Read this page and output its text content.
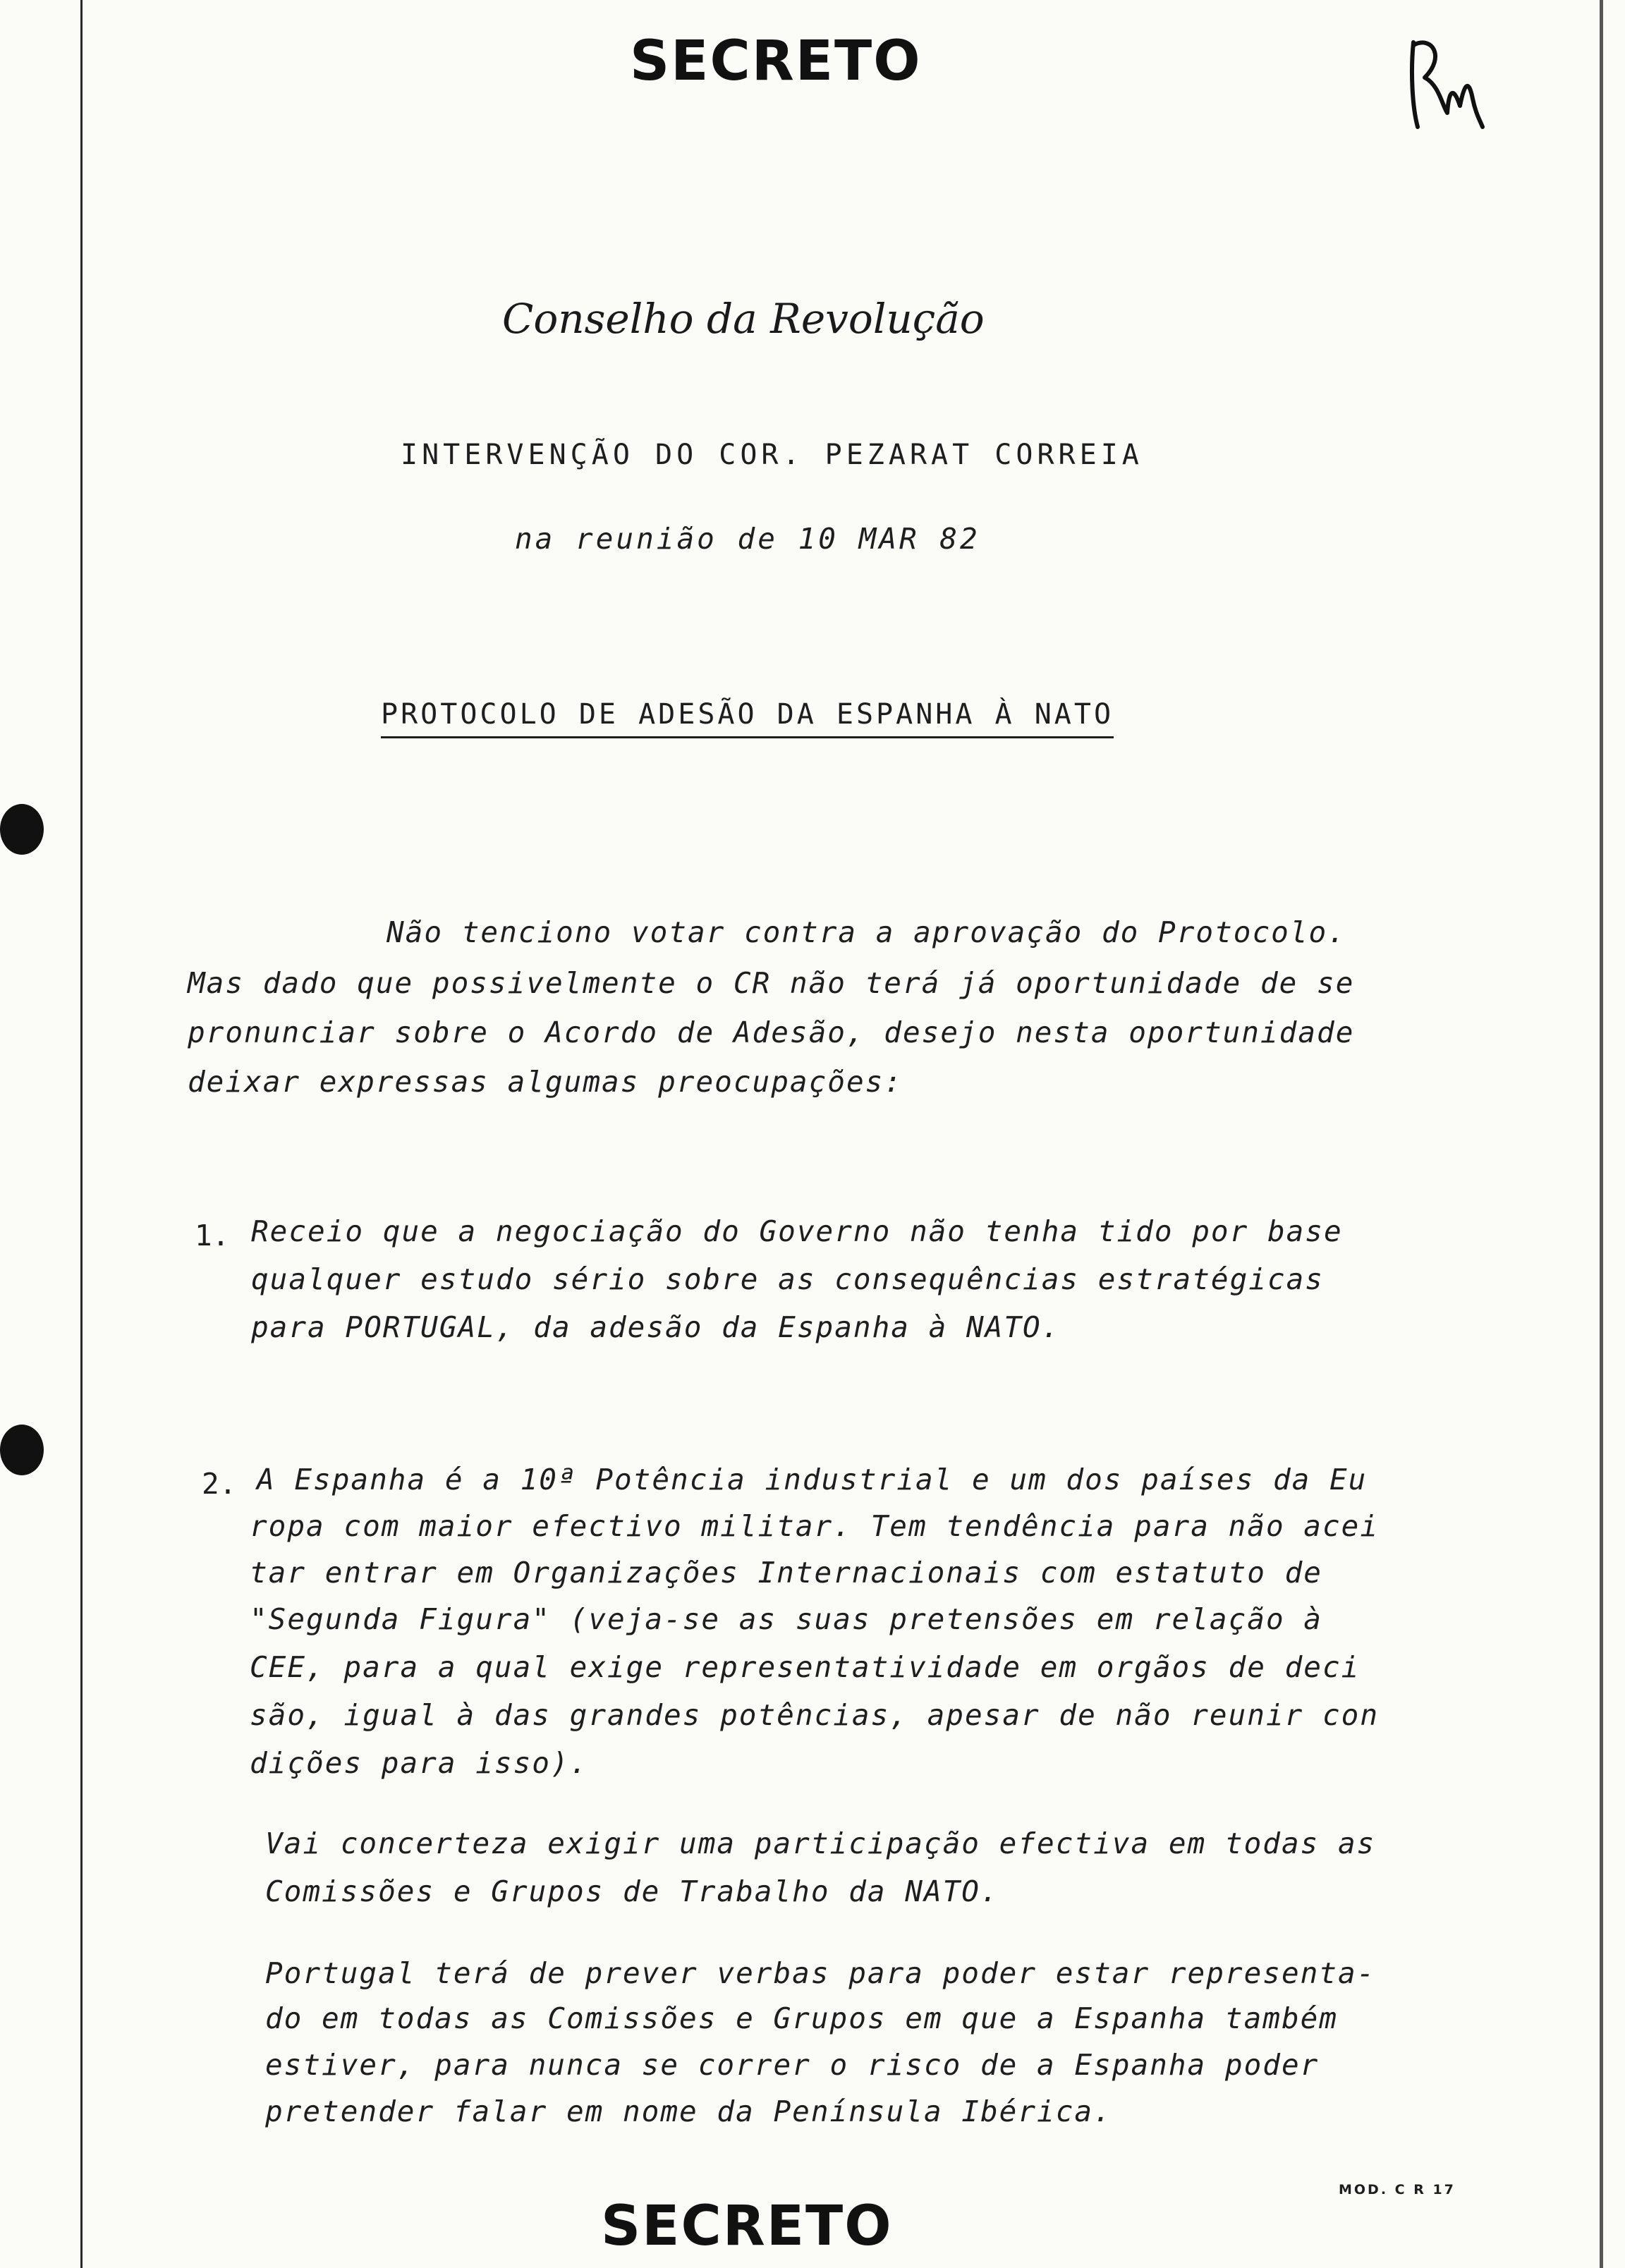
SECRETO
Conselho da Revolução
INTERVENÇÃO DO COR. PEZARAT CORREIA
na reunião de 10 MAR 82
PROTOCOLO DE ADESÃO DA ESPANHA À NATO
Não tenciono votar contra a aprovação do Protocolo.
Mas dado que possivelmente o CR não terá já oportunidade de se
pronunciar sobre o Acordo de Adesão, desejo nesta oportunidade
deixar expressas algumas preocupações:
1. Receio que a negociação do Governo não tenha tido por base
qualquer estudo sério sobre as consequências estratégicas
para PORTUGAL, da adesão da Espanha à NATO.
2. A Espanha é a 10ª Potência industrial e um dos países da Eu
ropa com maior efectivo militar. Tem tendência para não acei
tar entrar em Organizações Internacionais com estatuto de
"Segunda Figura" (veja-se as suas pretensões em relação à
CEE, para a qual exige representatividade em orgãos de deci
são, igual à das grandes potências, apesar de não reunir con
dições para isso).
Vai concerteza exigir uma participação efectiva em todas as
Comissões e Grupos de Trabalho da NATO.
Portugal terá de prever verbas para poder estar representa-
do em todas as Comissões e Grupos em que a Espanha também
estiver, para nunca se correr o risco de a Espanha poder
pretender falar em nome da Península Ibérica.
MOD. C R 17
SECRETO
